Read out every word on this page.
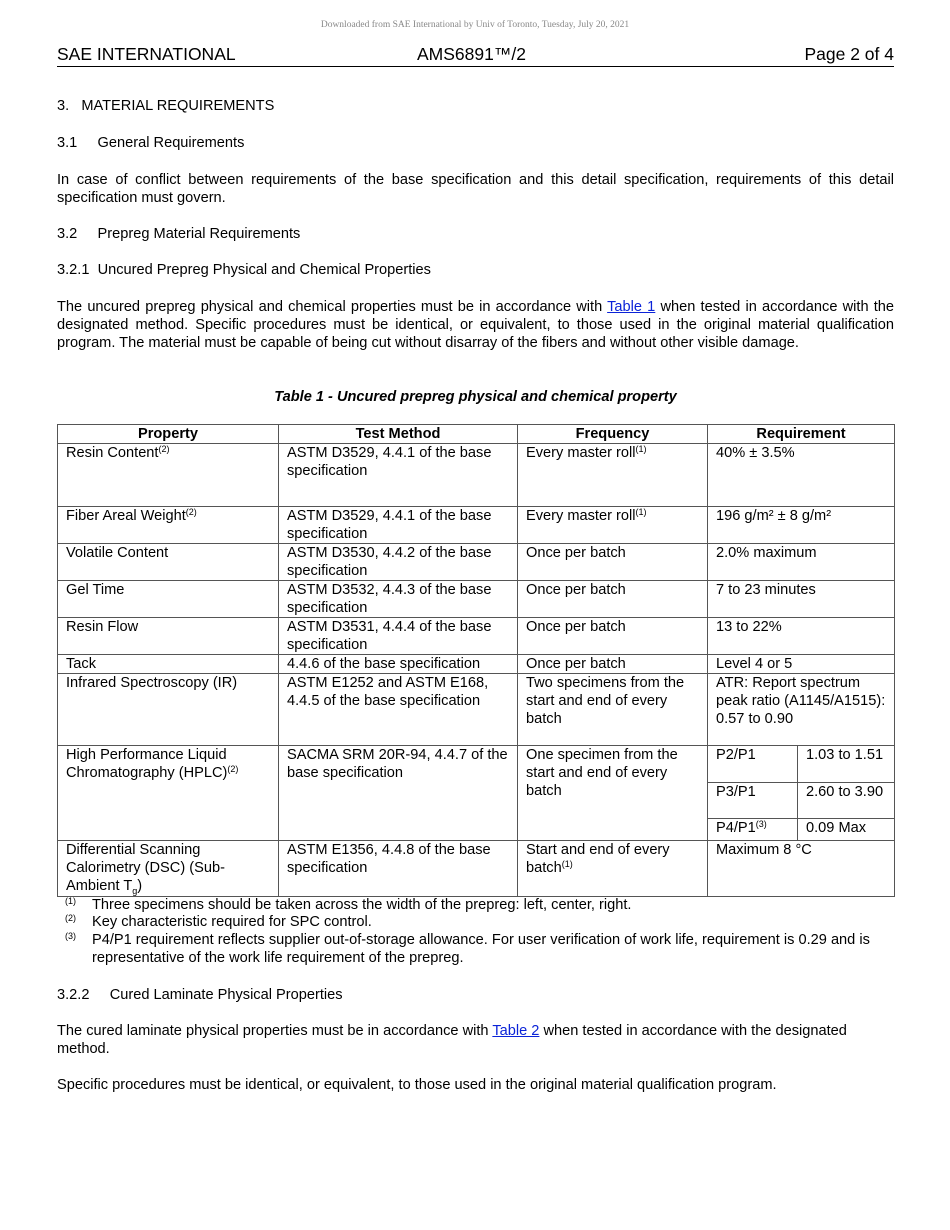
Downloaded from SAE International by Univ of Toronto, Tuesday, July 20, 2021
SAE INTERNATIONAL	AMS6891™/2	Page 2 of 4
3.   MATERIAL REQUIREMENTS
3.1     General Requirements
In case of conflict between requirements of the base specification and this detail specification, requirements of this detail specification must govern.
3.2     Prepreg Material Requirements
3.2.1  Uncured Prepreg Physical and Chemical Properties
The uncured prepreg physical and chemical properties must be in accordance with Table 1 when tested in accordance with the designated method. Specific procedures must be identical, or equivalent, to those used in the original material qualification program. The material must be capable of being cut without disarray of the fibers and without other visible damage.
Table 1 - Uncured prepreg physical and chemical property
Property	Test Method	Frequency	Requirement	
Resin Content$^{(2)}$	ASTM D3529, 4.4.1 of the base specification	Every master roll$^{(1)}$	40% ± 3.5%	
Fiber Areal Weight$^{(2)}$	ASTM D3529, 4.4.1 of the base specification	Every master roll$^{(1)}$	196 g/m² ± 8 g/m²	
Volatile Content	ASTM D3530, 4.4.2 of the base specification	Once per batch	2.0% maximum	
Gel Time	ASTM D3532, 4.4.3 of the base specification	Once per batch	7 to 23 minutes	
Resin Flow	ASTM D3531, 4.4.4 of the base specification	Once per batch	13 to 22%	
Tack	4.4.6 of the base specification	Once per batch	Level 4 or 5	
Infrared Spectroscopy (IR)	ASTM E1252 and ASTM E168, 4.4.5 of the base specification	Two specimens from the start and end of every batch	ATR: Report spectrum peak ratio (A1145/A1515): 0.57 to 0.90	
High Performance Liquid Chromatography (HPLC)$^{(2)}$	SACMA SRM 20R-94, 4.4.7 of the base specification	One specimen from the start and end of every batch	P2/P1	1.03 to 1.51
			P3/P1	2.60 to 3.90
			P4/P1$^{(3)}$	0.09 Max
Differential Scanning Calorimetry (DSC) (Sub-Ambient $T_g$)	ASTM E1356, 4.4.8 of the base specification	Start and end of every batch$^{(1)}$	Maximum 8 °C	
(1) Three specimens should be taken across the width of the prepreg: left, center, right.
(2) Key characteristic required for SPC control.
(3) P4/P1 requirement reflects supplier out-of-storage allowance. For user verification of work life, requirement is 0.29 and is representative of the work life requirement of the prepreg.
3.2.2     Cured Laminate Physical Properties
The cured laminate physical properties must be in accordance with Table 2 when tested in accordance with the designated method.
Specific procedures must be identical, or equivalent, to those used in the original material qualification program.
